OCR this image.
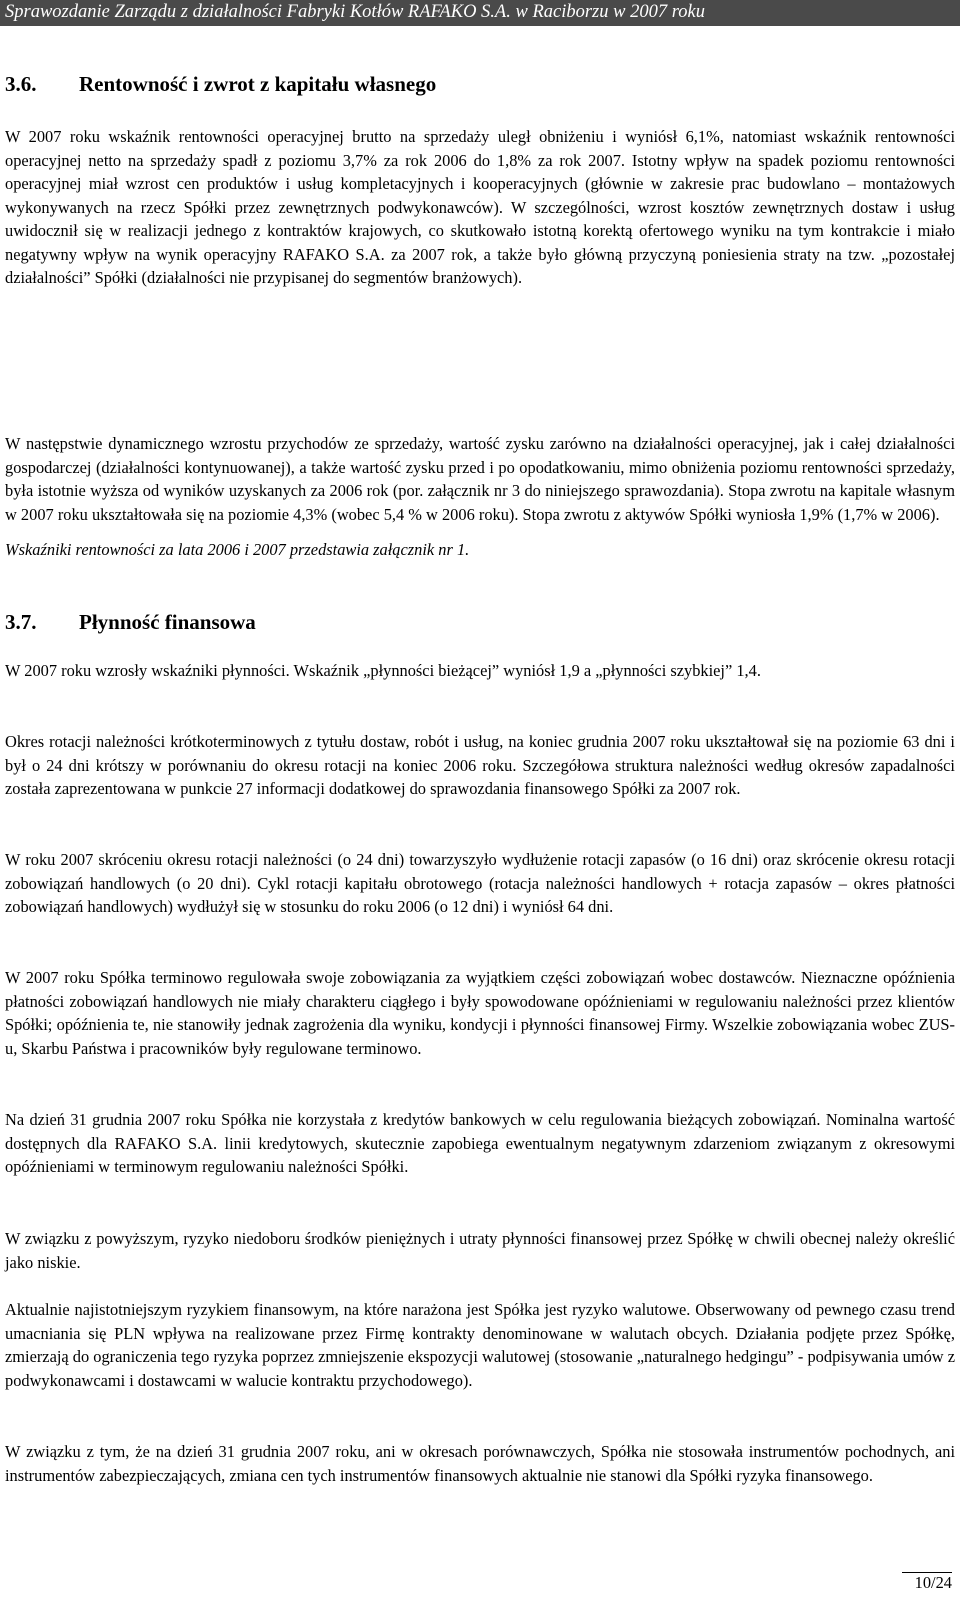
Sprawozdanie Zarządu z działalności Fabryki Kotłów RAFAKO S.A. w Raciborzu w 2007 roku
3.6. Rentowność i zwrot z kapitału własnego

W 2007 roku wskaźnik rentowności operacyjnej brutto na sprzedaży uległ obniżeniu i wyniósł 6,1%, natomiast wskaźnik rentowności operacyjnej netto na sprzedaży spadł z poziomu 3,7% za rok 2006 do 1,8% za rok 2007. Istotny wpływ na spadek poziomu rentowności operacyjnej miał wzrost cen produktów i usług kompletacyjnych i kooperacyjnych (głównie w zakresie prac budowlano – montażowych wykonywanych na rzecz Spółki przez zewnętrznych podwykonawców). W szczególności, wzrost kosztów zewnętrznych dostaw i usług uwidocznił się w realizacji jednego z kontraktów krajowych, co skutkowało istotną korektą ofertowego wyniku na tym kontrakcie i miało negatywny wpływ na wynik operacyjny RAFAKO S.A. za 2007 rok, a także było główną przyczyną poniesienia straty na tzw. „pozostałej działalności” Spółki (działalności nie przypisanej do segmentów branżowych).

W następstwie dynamicznego wzrostu przychodów ze sprzedaży, wartość zysku zarówno na działalności operacyjnej, jak i całej działalności gospodarczej (działalności kontynuowanej), a także wartość zysku przed i po opodatkowaniu, mimo obniżenia poziomu rentowności sprzedaży, była istotnie wyższa od wyników uzyskanych za 2006 rok (por. załącznik nr 3 do niniejszego sprawozdania). Stopa zwrotu na kapitale własnym w 2007 roku ukształtowała się na poziomie 4,3% (wobec 5,4 % w 2006 roku). Stopa zwrotu z aktywów Spółki wyniosła 1,9% (1,7% w 2006).

Wskaźniki rentowności za lata 2006 i 2007 przedstawia załącznik nr 1.

3.7. Płynność finansowa

W 2007 roku wzrosły wskaźniki płynności. Wskaźnik „płynności bieżącej” wyniósł 1,9 a „płynności szybkiej” 1,4.

Okres rotacji należności krótkoterminowych z tytułu dostaw, robót i usług, na koniec grudnia 2007 roku ukształtował się na poziomie 63 dni i był o 24 dni krótszy w porównaniu do okresu rotacji na koniec 2006 roku. Szczegółowa struktura należności według okresów zapadalności została zaprezentowana w punkcie 27 informacji dodatkowej do sprawozdania finansowego Spółki za 2007 rok.

W roku 2007 skróceniu okresu rotacji należności (o 24 dni) towarzyszyło wydłużenie rotacji zapasów (o 16 dni) oraz skrócenie okresu rotacji zobowiązań handlowych (o 20 dni). Cykl rotacji kapitału obrotowego (rotacja należności handlowych + rotacja zapasów – okres płatności zobowiązań handlowych) wydłużył się w stosunku do roku 2006 (o 12 dni) i wyniósł 64 dni.

W 2007 roku Spółka terminowo regulowała swoje zobowiązania za wyjątkiem części zobowiązań wobec dostawców. Nieznaczne opóźnienia płatności zobowiązań handlowych nie miały charakteru ciągłego i były spowodowane opóźnieniami w regulowaniu należności przez klientów Spółki; opóźnienia te, nie stanowiły jednak zagrożenia dla wyniku, kondycji i płynności finansowej Firmy. Wszelkie zobowiązania wobec ZUS-u, Skarbu Państwa i pracowników były regulowane terminowo.

Na dzień 31 grudnia 2007 roku Spółka nie korzystała z kredytów bankowych w celu regulowania bieżących zobowiązań. Nominalna wartość dostępnych dla RAFAKO S.A. linii kredytowych, skutecznie zapobiega ewentualnym negatywnym zdarzeniom związanym z okresowymi opóźnieniami w terminowym regulowaniu należności Spółki.

W związku z powyższym, ryzyko niedoboru środków pieniężnych i utraty płynności finansowej przez Spółkę w chwili obecnej należy określić jako niskie.

Aktualnie najistotniejszym ryzykiem finansowym, na które narażona jest Spółka jest ryzyko walutowe. Obserwowany od pewnego czasu trend umacniania się PLN wpływa na realizowane przez Firmę kontrakty denominowane w walutach obcych. Działania podjęte przez Spółkę, zmierzają do ograniczenia tego ryzyka poprzez zmniejszenie ekspozycji walutowej (stosowanie „naturalnego hedgingu” - podpisywania umów z podwykonawcami i dostawcami w walucie kontraktu przychodowego).

W związku z tym, że na dzień 31 grudnia 2007 roku, ani w okresach porównawczych, Spółka nie stosowała instrumentów pochodnych, ani instrumentów zabezpieczających, zmiana cen tych instrumentów finansowych aktualnie nie stanowi dla Spółki ryzyka finansowego.

10/24
